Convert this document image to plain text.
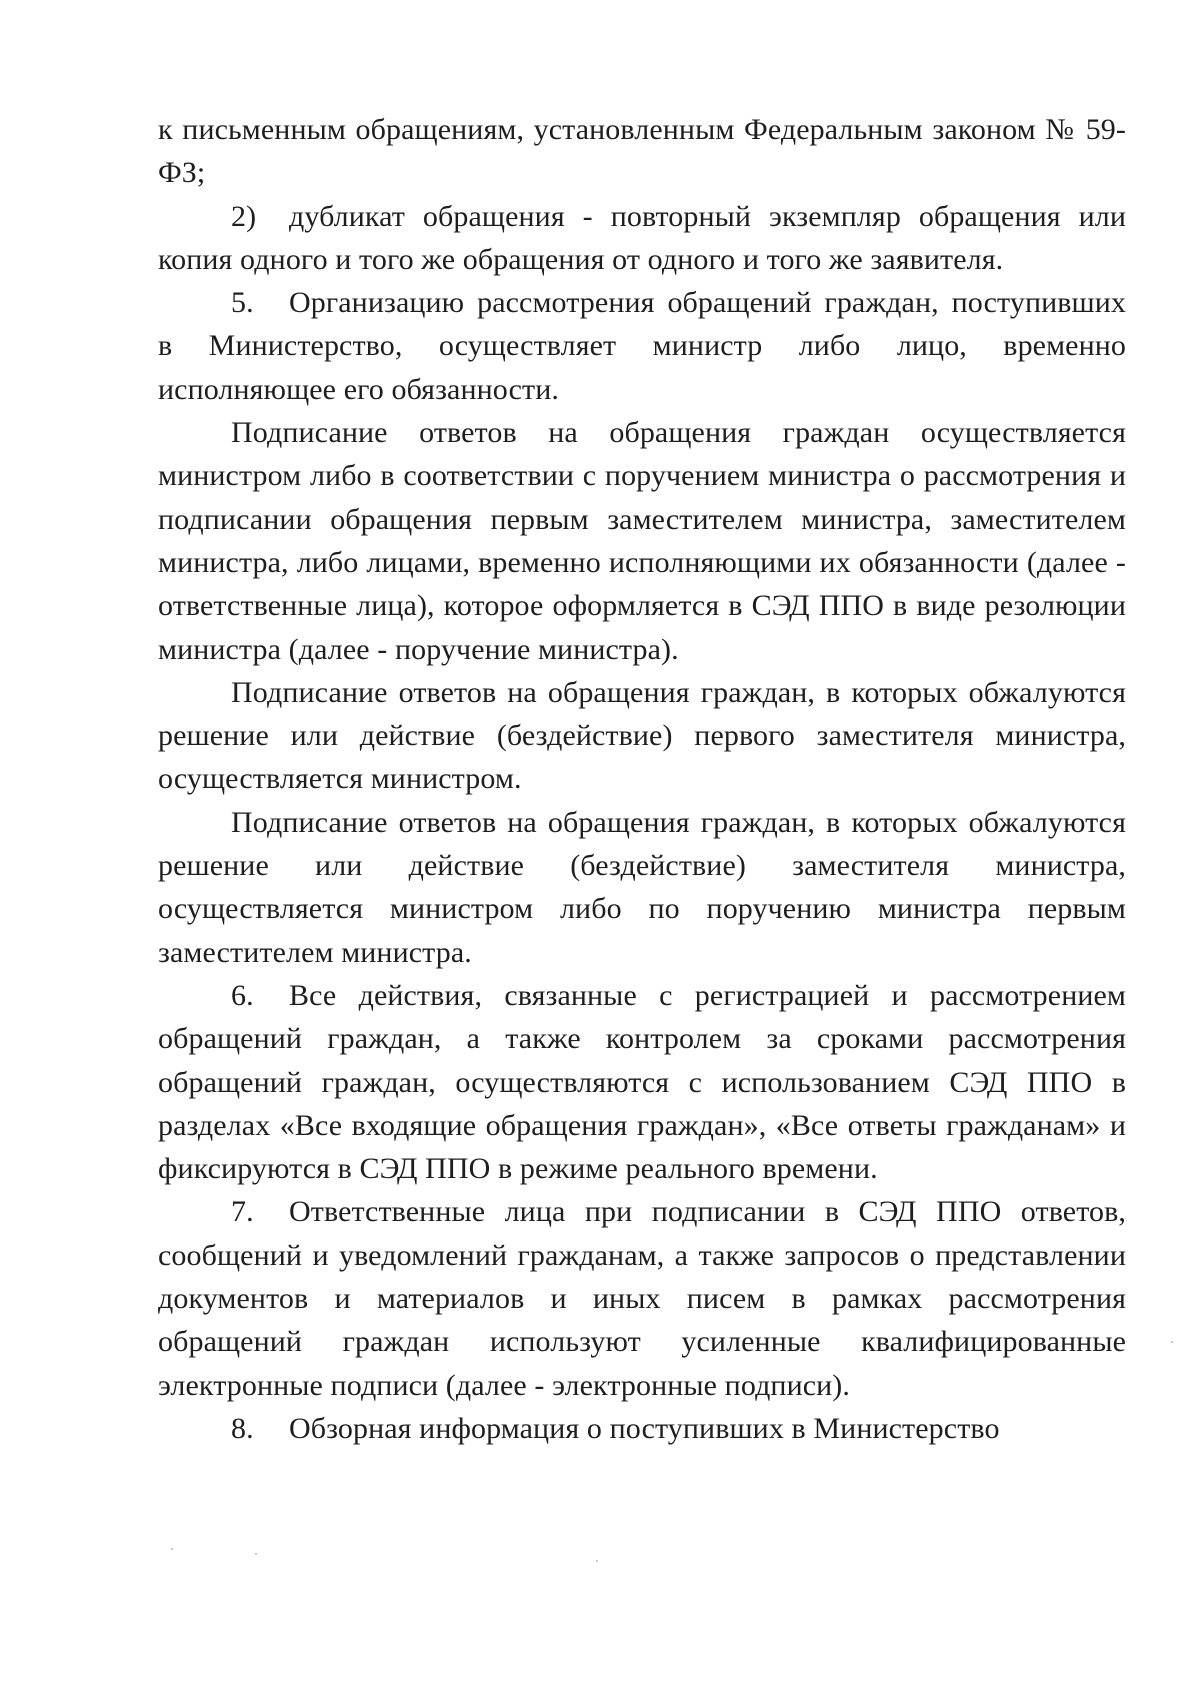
к письменным обращениям, установленным Федеральным законом № 59-ФЗ;

2) дубликат обращения - повторный экземпляр обращения или копия одного и того же обращения от одного и того же заявителя.

5. Организацию рассмотрения обращений граждан, поступивших в Министерство, осуществляет министр либо лицо, временно исполняющее его обязанности.

Подписание ответов на обращения граждан осуществляется министром либо в соответствии с поручением министра о рассмотрения и подписании обращения первым заместителем министра, заместителем министра, либо лицами, временно исполняющими их обязанности (далее - ответственные лица), которое оформляется в СЭД ППО в виде резолюции министра (далее - поручение министра).

Подписание ответов на обращения граждан, в которых обжалуются решение или действие (бездействие) первого заместителя министра, осуществляется министром.

Подписание ответов на обращения граждан, в которых обжалуются решение или действие (бездействие) заместителя министра, осуществляется министром либо по поручению министра первым заместителем министра.

6. Все действия, связанные с регистрацией и рассмотрением обращений граждан, а также контролем за сроками рассмотрения обращений граждан, осуществляются с использованием СЭД ППО в разделах «Все входящие обращения граждан», «Все ответы гражданам» и фиксируются в СЭД ППО в режиме реального времени.

7. Ответственные лица при подписании в СЭД ППО ответов, сообщений и уведомлений гражданам, а также запросов о представлении документов и материалов и иных писем в рамках рассмотрения обращений граждан используют усиленные квалифицированные электронные подписи (далее - электронные подписи).

8. Обзорная информация о поступивших в Министерство
